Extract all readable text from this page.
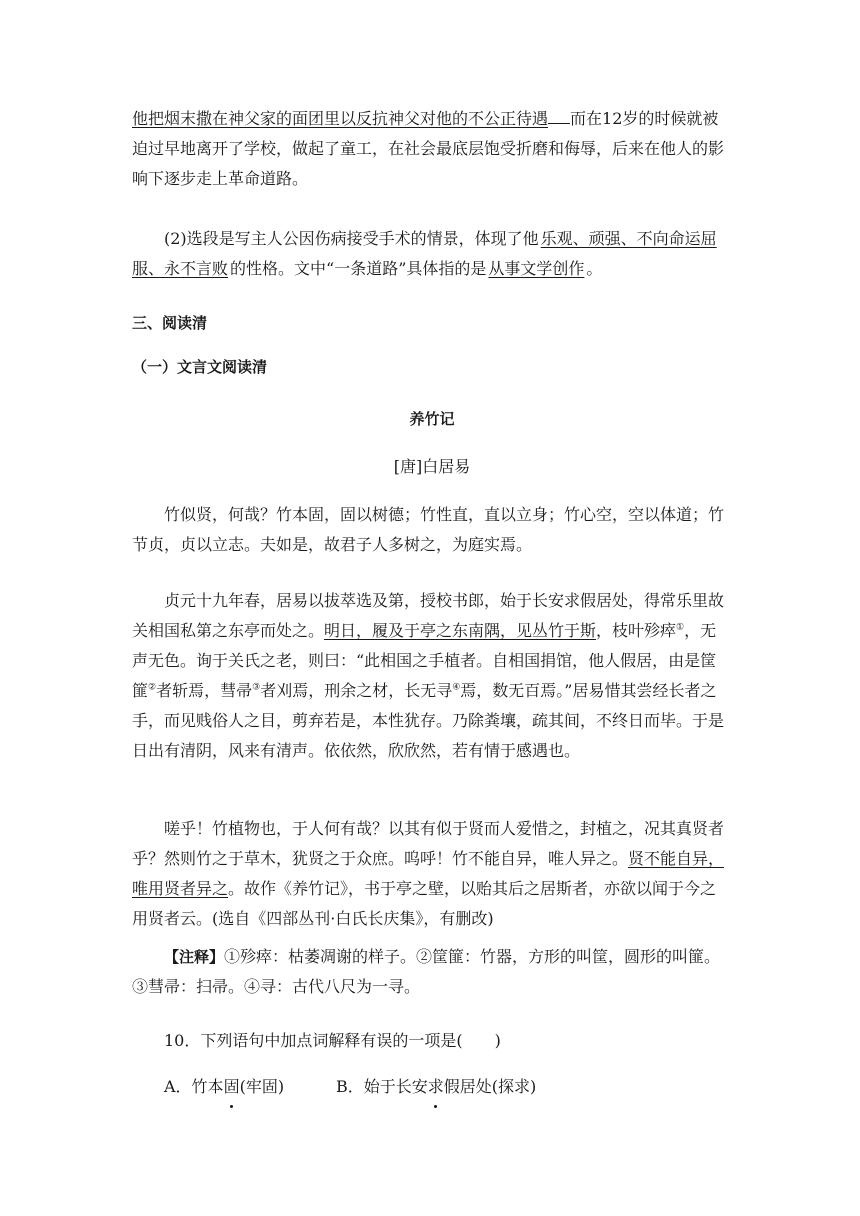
他把烟末撒在神父家的面团里以反抗神父对他的不公正待遇 而在12岁的时候就被迫过早地离开了学校，做起了童工，在社会最底层饱受折磨和侮辱，后来在他人的影响下逐步走上革命道路。

(2)选段是写主人公因伤病接受手术的情景，体现了他 乐观、顽强、不向命运屈服、永不言败 的性格。文中“一条道路”具体指的是 从事文学创作 。

三、阅读清

（一）文言文阅读清

养竹记

[唐]白居易

竹似贤，何哉？竹本固，固以树德；竹性直，直以立身；竹心空，空以体道；竹节贞，贞以立志。夫如是，故君子人多树之，为庭实焉。

贞元十九年春，居易以拔萃选及第，授校书郎，始于长安求假居处，得常乐里故关相国私第之东亭而处之。明日，履及于亭之东南隅，见丛竹于斯，枝叶殄瘁①，无声无色。询于关氏之老，则曰：“此相国之手植者。自相国捐馆，他人假居，由是筐篚②者斩焉，彗帚③者刈焉，刑余之材，长无寻④焉，数无百焉。”居易惜其尝经长者之手，而见贱俗人之目，剪弃若是，本性犹存。乃除粪壤，疏其间，不终日而毕。于是日出有清阴，风来有清声。依依然，欣欣然，若有情于感遇也。

嗟乎！竹植物也，于人何有哉？以其有似于贤而人爱惜之，封植之，况其真贤者乎？然则竹之于草木，犹贤之于众庶。呜呼！竹不能自异，唯人异之。贤不能自异，唯用贤者异之。故作《养竹记》，书于亭之壁，以贻其后之居斯者，亦欲以闻于今之用贤者云。(选自《四部丛刊·白氏长庆集》，有删改)

【注释】①殄瘁：枯萎凋谢的样子。②筐篚：竹器，方形的叫筐，圆形的叫篚。③彗帚：扫帚。④寻：古代八尺为一寻。

10．下列语句中加点词解释有误的一项是(　　)

A．竹本固(牢固)	B．始于长安求假居处(探求)
